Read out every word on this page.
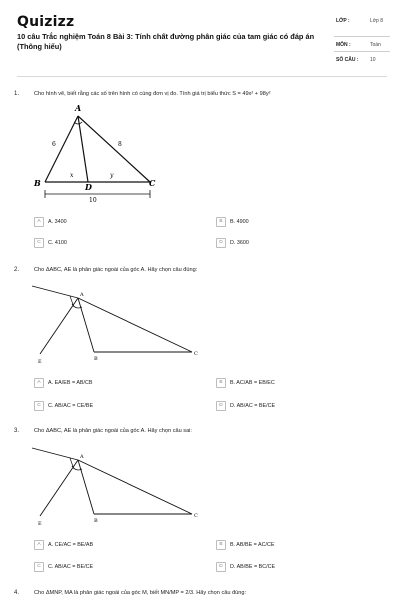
Quizizz
10 câu Trắc nghiệm Toán 8 Bài 3: Tính chất đường phân giác của tam giác có đáp án (Thông hiểu)
LỚP :	Lớp 8
MÔN :	Toán
SỐ CÂU : 10
1.	Cho hình vẽ, biết rằng các số trên hình có cùng đơn vị đo. Tính giá trị biểu thức S = 49x² + 98y²
A
B	C
D
6	8
x	y
10
A A. 3400	B B. 4900
C C. 4100	D D. 3600
2.	Cho ΔABC, AE là phân giác ngoài của góc A. Hãy chọn câu đúng:
A
B
C
E
A A. EA/EB = AB/CB	B B. AC/AB = EB/EC
C C. AB/AC = CE/BE	D D. AB/AC = BE/CE
3.	Cho ΔABC, AE là phân giác ngoài của góc A. Hãy chọn câu sai:
A
B
C
E
A A. CE/AC = BE/AB	B B. AB/BE = AC/CE
C C. AB/AC = BE/CE	D D. AB/BE = BC/CE
4.	Cho ΔMNP, MA là phân giác ngoài của góc M, biết MN/MP = 2/3. Hãy chọn câu đúng:
